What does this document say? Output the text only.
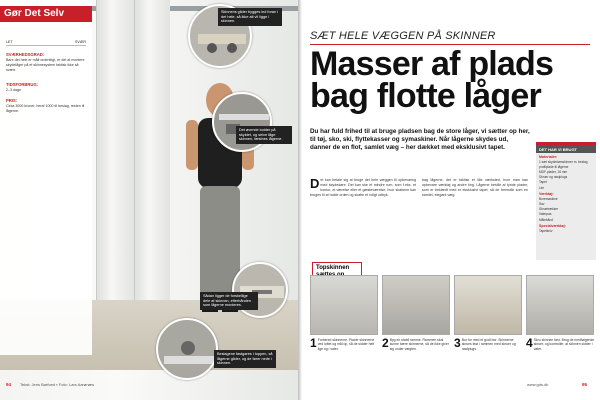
Gør Det Selv
LET	SVÆR
SVÆRHEDSGRAD:
Bare det hele er målt ordentligt, er det at montere skydelåger på et skinnesystem faktisk ikke så svært.
TIDSFORBRUG:
2–3 dage
PRIS:
Cirka 3000 kroner, heraf 1000 til beslag, resten til lågerne.
Skinnens glider bygges ind foran i det hele, så ikke alt vil ligge i skinnen.
Det øverste lodder på skyldet, og selve låge skinnen, fæstnes lågerne.
Sådan ligger de forskellige dele af skinnen, efterhånden som lågerne monteres.
Beslagene fastgøres i toppen, så lågerne glider, og de fører nede i skinnen.
94 Tekst: Jens Barfoed ▪ Foto: Lars Aarønæs
SÆT HELE VÆGGEN PÅ SKINNER
Masser af plads
bag flotte låger
Du har fuld frihed til at bruge pladsen bag de store låger, vi sætter op her, til tøj, sko, ski, flyttekasser og symaskiner. Når lågerne skydes ud, danner de en flot, samlet væg – her dækket med eksklusivt tapet.
Det kan betale sig at bruge det hele væggen til opbevaring med skydedøre. Det kan ske et mindre rum, som f.eks. et kontor, et værelse eller et gæsteværelse, hvor skabene kan bruges til at holde orden og skabe et roligt udtryk.
bag lågerne, det er faktisk et lille værksted, hvor man kan opbevare værktøj og andre ting. Lågerne består af tynde plader, som er beklædt med et eksklusivt tapet, så de fremstår som en samlet, elegant væg.
DET HAR VI BRUGT
Materialer:
1 sæt skydedørsskinner m. beslag
profilplade til lågerne
MDF-plader, 16 mm
Skruer og rawlplugs
Tapet
Lim
Værktøj:
Boremaskine
Sav
Skruetrækker
Vaterpas
Målebånd
Specialværktøj:
Tapetkniv
Topskinnen
1 Forbered skinnerne. Placér skinnerne ved loftet og mål op, så de sidder helt lige og i vater.	2 Byg en stabil ramme. Rammen skal kunne bære skinnerne, så de ikke giver sig under vægten.	3 Bor for med et godt bor. Skinnerne skrues fast i rammen med skruer og rawlplugs.	4 Skru skinnen fast. Brug de medfølgende skruer, og kontrollér, at skinnen sidder i vater.
www.gds.dk	95
